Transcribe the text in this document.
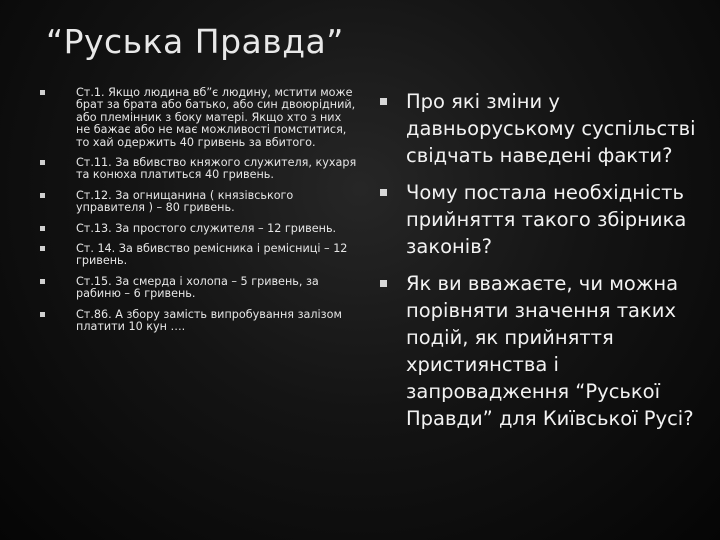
“Руська Правда”
Ст.1. Якщо людина вб”є людину, мстити може брат за брата або батько, або син двоюрідний, або племінник з боку матері. Якщо хто з них не бажає або не має можливості помститися, то хай одержить 40 гривень за вбитого.
Ст.11. За вбивство княжого служителя, кухаря та конюха платиться 40 гривень.
Ст.12. За огнищанина ( князівського управителя ) – 80 гривень.
Ст.13. За простого служителя – 12 гривень.
Ст. 14. За вбивство ремісника і ремісниці – 12 гривень.
Ст.15. За смерда і холопа – 5 гривень, за рабиню – 6 гривень.
Ст.86. А збору замість випробування залізом платити 10 кун ….
Про які зміни у давньоруському суспільстві свідчать наведені факти?
Чому постала необхідність прийняття такого збірника законів?
Як ви вважаєте, чи можна порівняти значення таких подій, як прийняття християнства і запровадження “Руської Правди” для Київської Русі?
